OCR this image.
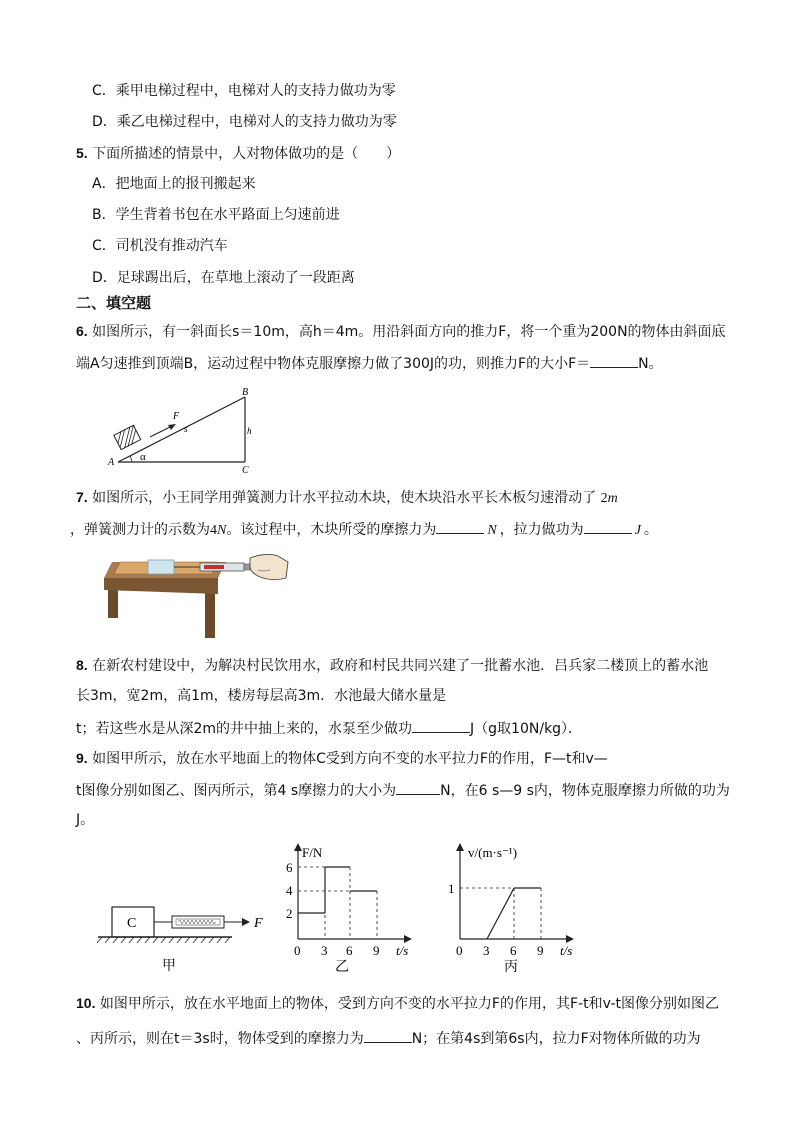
C．乘甲电梯过程中，电梯对人的支持力做功为零
D．乘乙电梯过程中，电梯对人的支持力做功为零
5. 下面所描述的情景中，人对物体做功的是（　　）
A．把地面上的报刊搬起来
B．学生背着书包在水平路面上匀速前进
C．司机没有推动汽车
D．足球踢出后，在草地上滚动了一段距离
二、填空题
6. 如图所示，有一斜面长s＝10m，高h＝4m。用沿斜面方向的推力F，将一个重为200N的物体由斜面底
端A匀速推到顶端B，运动过程中物体克服摩擦力做了300J的功，则推力F的大小F＝	N。
A
B
C
F
s	h
α
7. 如图所示，小王同学用弹簧测力计水平拉动木块，使木块沿水平长木板匀速滑动了 2m
，弹簧测力计的示数为4N。该过程中，木块所受的摩擦力为	N ，拉力做功为	J 。
8. 在新农村建设中，为解决村民饮用水，政府和村民共同兴建了一批蓄水池．吕兵家二楼顶上的蓄水池
长3m，宽2m，高1m，楼房每层高3m．水池最大储水量是
t；若这些水是从深2m的井中抽上来的，水泵至少做功	J（g取10N/kg）．
9. 如图甲所示，放在水平地面上的物体C受到方向不变的水平拉力F的作用，F—t和v—
t图像分别如图乙、图丙所示，第4 s摩擦力的大小为	N，在6 s—9 s内，物体克服摩擦力所做的功为
J。
C	F
甲
F/N
2
4
6
0 3 6 9 t/s
乙
v/(m·s⁻¹)
1
0 3 6 9 t/s
丙
10. 如图甲所示，放在水平地面上的物体，受到方向不变的水平拉力F的作用，其F-t和v-t图像分别如图乙
、丙所示，则在t＝3s时，物体受到的摩擦力为	N；在第4s到第6s内，拉力F对物体所做的功为
